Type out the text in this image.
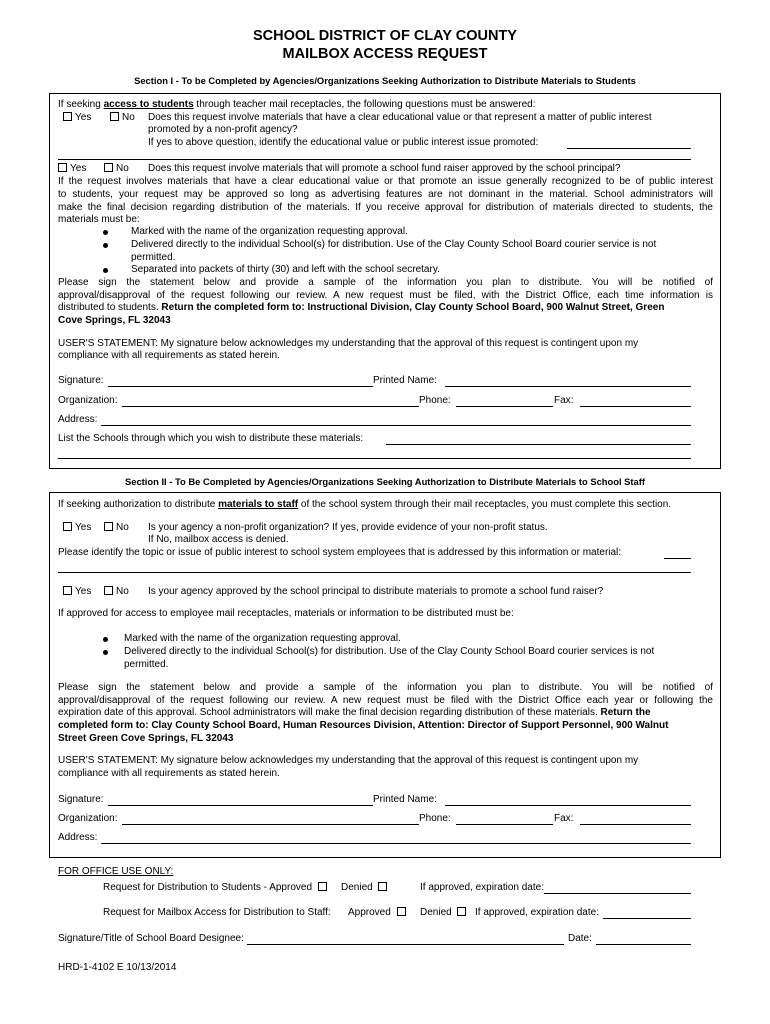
SCHOOL DISTRICT OF CLAY COUNTY
MAILBOX ACCESS REQUEST
Section I - To be Completed by Agencies/Organizations Seeking Authorization to Distribute Materials to Students
If seeking access to students through teacher mail receptacles, the following questions must be answered:
Yes	No Does this request involve materials that have a clear educational value or that represent a matter of public interest
promoted by a non-profit agency?
If yes to above question, identify the educational value or public interest issue promoted:
Yes	No Does this request involve materials that will promote a school fund raiser approved by the school principal?
If the request involves materials that have a clear educational value or that promote an issue generally recognized to be of public interest
to students, your request may be approved so long as advertising features are not dominant in the material. School administrators will
make the final decision regarding distribution of the materials. If you receive approval for distribution of materials directed to students, the
materials must be:
Marked with the name of the organization requesting approval.
Delivered directly to the individual School(s) for distribution. Use of the Clay County School Board courier service is not
permitted.
Separated into packets of thirty (30) and left with the school secretary.
Please sign the statement below and provide a sample of the information you plan to distribute. You will be notified of
approval/disapproval of the request following our review. A new request must be filed, with the District Office, each time information is
distributed to students. Return the completed form to: Instructional Division, Clay County School Board, 900 Walnut Street, Green
Cove Springs, FL 32043
USER'S STATEMENT: My signature below acknowledges my understanding that the approval of this request is contingent upon my
compliance with all requirements as stated herein.
Signature:	Printed Name:
Organization:	Phone:	Fax:
Address:
List the Schools through which you wish to distribute these materials:
Section II - To Be Completed by Agencies/Organizations Seeking Authorization to Distribute Materials to School Staff
If seeking authorization to distribute materials to staff of the school system through their mail receptacles, you must complete this section.
Yes	No Is your agency a non-profit organization? If yes, provide evidence of your non-profit status.
If No, mailbox access is denied.
Please identify the topic or issue of public interest to school system employees that is addressed by this information or material:
Yes	No Is your agency approved by the school principal to distribute materials to promote a school fund raiser?
If approved for access to employee mail receptacles, materials or information to be distributed must be:
Marked with the name of the organization requesting approval.
Delivered directly to the individual School(s) for distribution. Use of the Clay County School Board courier services is not
permitted.
Please sign the statement below and provide a sample of the information you plan to distribute. You will be notified of
approval/disapproval of the request following our review. A new request must be filed with the District Office each year or following the
expiration date of this approval. School administrators will make the final decision regarding distribution of these materials. Return the
completed form to: Clay County School Board, Human Resources Division, Attention: Director of Support Personnel, 900 Walnut
Street Green Cove Springs, FL 32043
USER'S STATEMENT: My signature below acknowledges my understanding that the approval of this request is contingent upon my
compliance with all requirements as stated herein.
Signature:	Printed Name:
Organization:	Phone:	Fax:
Address:
FOR OFFICE USE ONLY:
Request for Distribution to Students - Approved	Denied	If approved, expiration date:
Request for Mailbox Access for Distribution to Staff: Approved	Denied	If approved, expiration date:
Signature/Title of School Board Designee:	Date:
HRD-1-4102 E 10/13/2014
